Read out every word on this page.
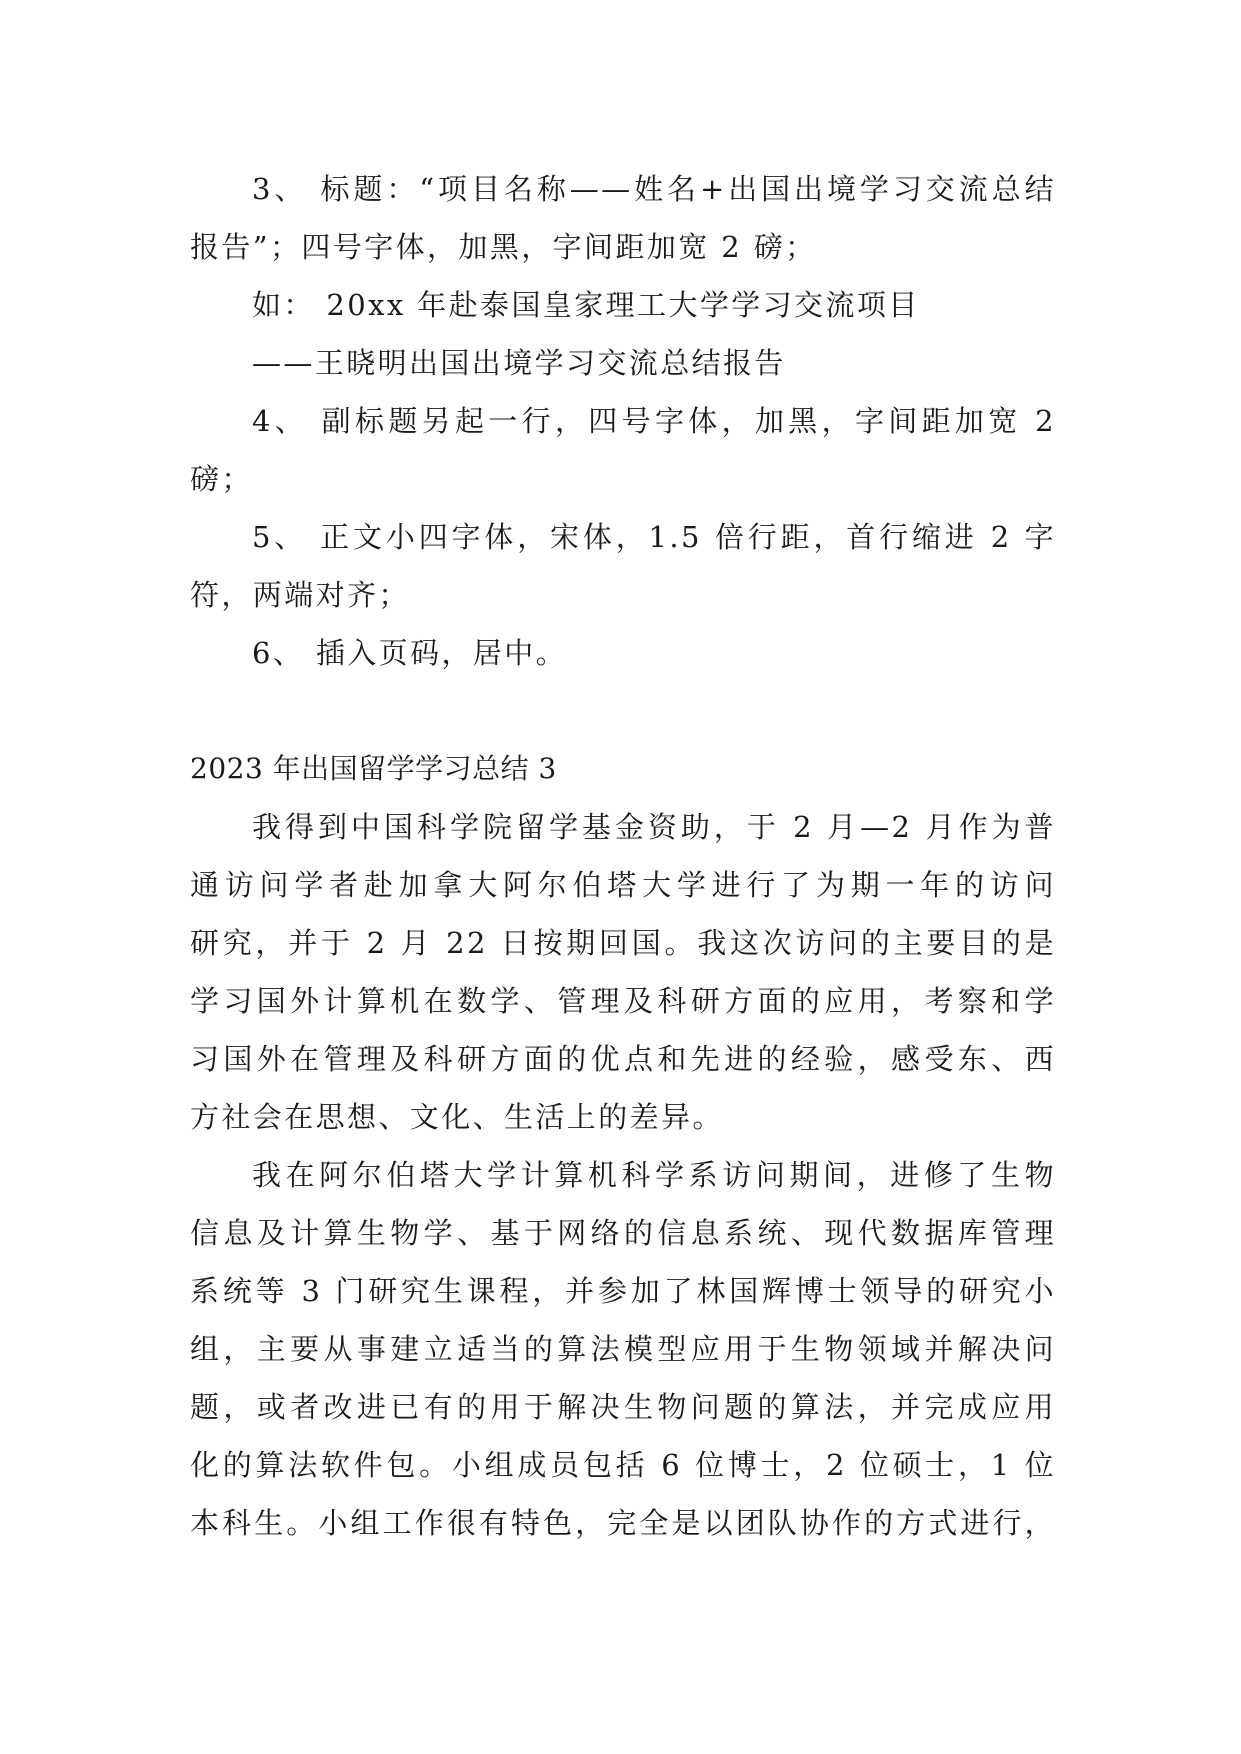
3、 标题：“项目名称——姓名+出国出境学习交流总结
报告”；四号字体，加黑，字间距加宽 2 磅；
如： 20xx 年赴泰国皇家理工大学学习交流项目
——王晓明出国出境学习交流总结报告
4、 副标题另起一行，四号字体，加黑，字间距加宽 2
磅；
5、 正文小四字体，宋体，1.5 倍行距，首行缩进 2 字
符，两端对齐；
6、 插入页码，居中。
2023 年出国留学学习总结 3
我得到中国科学院留学基金资助，于 2 月—2 月作为普
通访问学者赴加拿大阿尔伯塔大学进行了为期一年的访问
研究，并于 2 月 22 日按期回国。我这次访问的主要目的是
学习国外计算机在数学、管理及科研方面的应用，考察和学
习国外在管理及科研方面的优点和先进的经验，感受东、西
方社会在思想、文化、生活上的差异。
我在阿尔伯塔大学计算机科学系访问期间，进修了生物
信息及计算生物学、基于网络的信息系统、现代数据库管理
系统等 3 门研究生课程，并参加了林国辉博士领导的研究小
组，主要从事建立适当的算法模型应用于生物领域并解决问
题，或者改进已有的用于解决生物问题的算法，并完成应用
化的算法软件包。小组成员包括 6 位博士，2 位硕士，1 位
本科生。小组工作很有特色，完全是以团队协作的方式进行，
